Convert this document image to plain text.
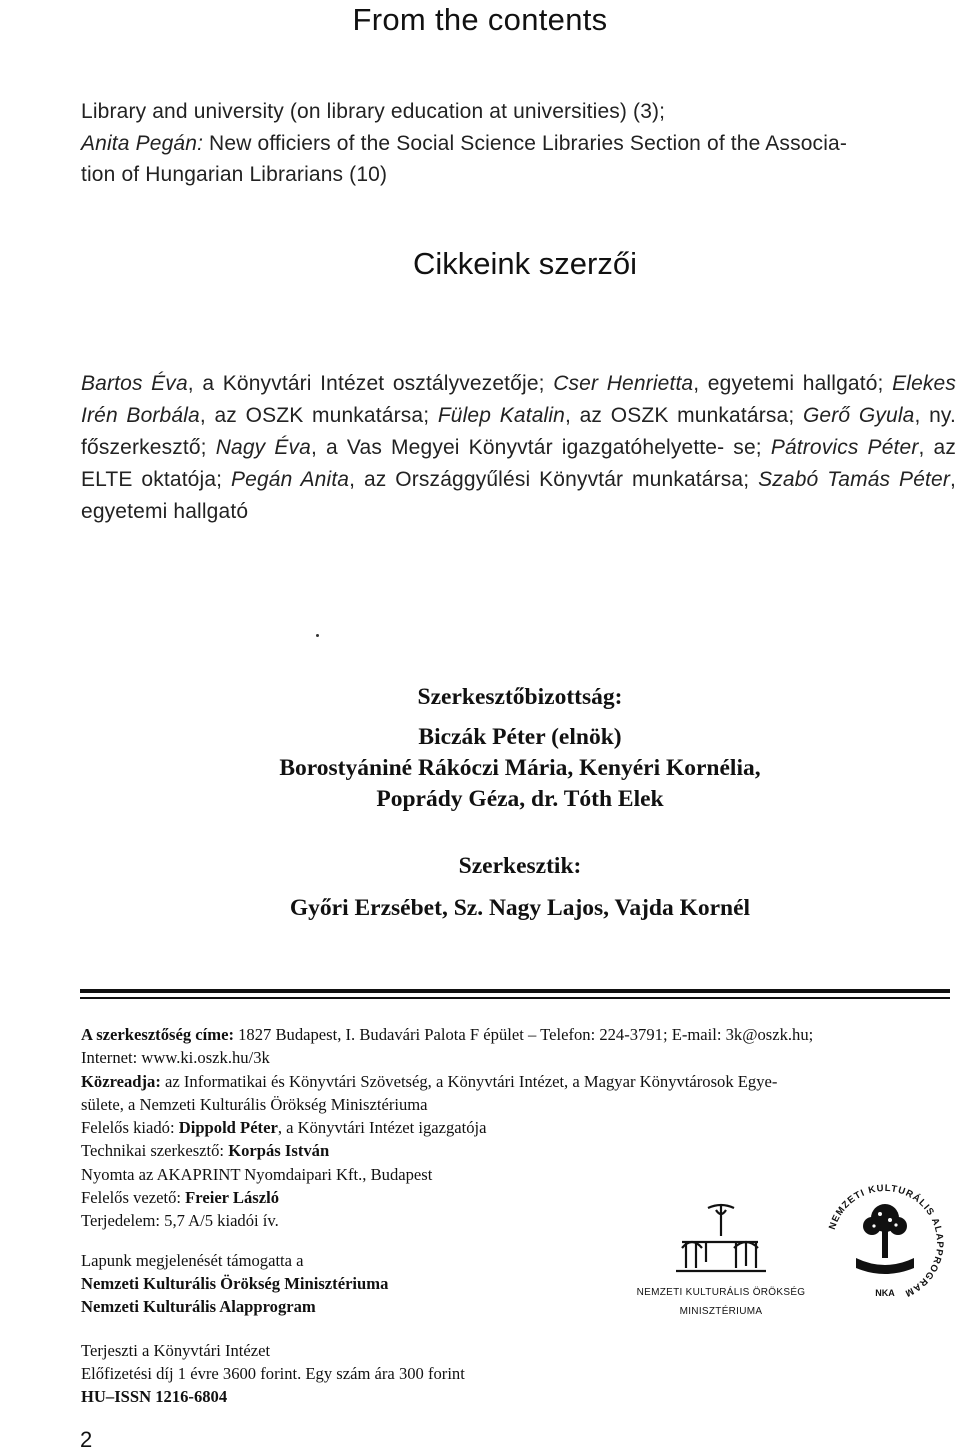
From the contents

Library and university (on library education at universities) (3);

Anita Pegán: New officiers of the Social Science Libraries Section of the Associa-

tion of Hungarian Librarians (10)

Cikkeink szerzői

Bartos Éva, a Könyvtári Intézet osztályvezetője; Cser Henrietta, egyetemi hallgató; Elekes Irén Borbála, az OSZK munkatársa; Fülep Katalin, az OSZK munkatársa; Gerő Gyula, ny. főszerkesztő; Nagy Éva, a Vas Megyei Könyvtár igazgatóhelyette- se; Pátrovics Péter, az ELTE oktatója; Pegán Anita, az Országgyűlési Könyvtár munkatársa; Szabó Tamás Péter, egyetemi hallgató

Szerkesztőbizottság:
Biczák Péter (elnök)
Borostyániné Rákóczi Mária, Kenyéri Kornélia,
Poprády Géza, dr. Tóth Elek
Szerkesztik:
Győri Erzsébet, Sz. Nagy Lajos, Vajda Kornél

A szerkesztőség címe: 1827 Budapest, I. Budavári Palota F épület – Telefon: 224-3791; E-mail: 3k@oszk.hu;

Internet: www.ki.oszk.hu/3k

Közreadja: az Informatikai és Könyvtári Szövetség, a Könyvtári Intézet, a Magyar Könyvtárosok Egye-

sülete, a Nemzeti Kulturális Örökség Minisztériuma

Felelős kiadó: Dippold Péter, a Könyvtári Intézet igazgatója

Technikai szerkesztő: Korpás István

Nyomta az AKAPRINT Nyomdaipari Kft., Budapest

Felelős vezető: Freier László

Terjedelem: 5,7 A/5 kiadói ív.

Lapunk megjelenését támogatta a

Nemzeti Kulturális Örökség Minisztériuma

Nemzeti Kulturális Alapprogram

NEMZETI KULTURÁLIS ÖRÖKSÉG
MINISZTÉRIUMA
NEMZETI KULTURÁLIS ALAPPROGRAM
NKA

Terjeszti a Könyvtári Intézet

Előfizetési díj 1 évre 3600 forint. Egy szám ára 300 forint

HU–ISSN 1216-6804

2
